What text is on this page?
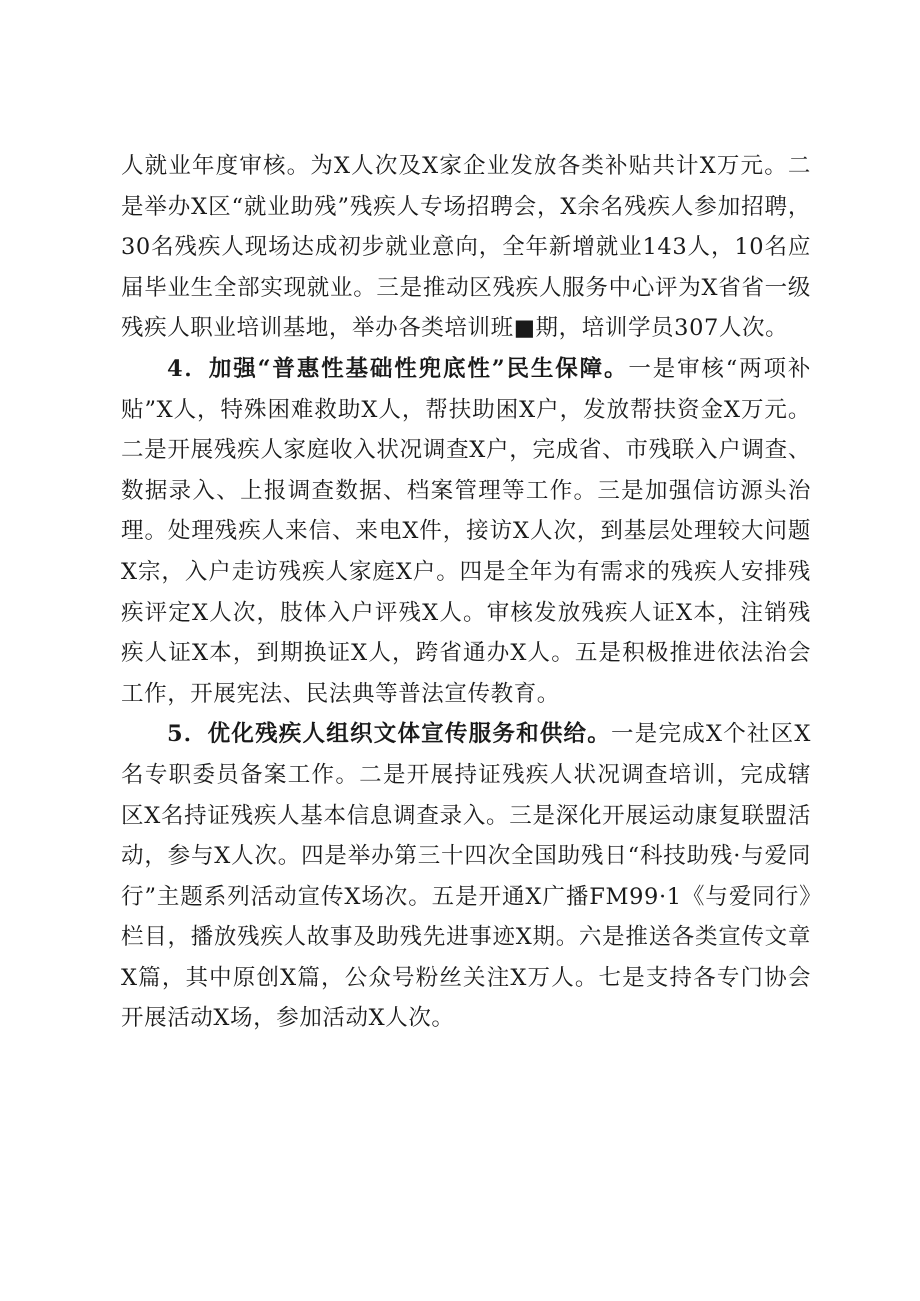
人就业年度审核。为X人次及X家企业发放各类补贴共计X万元。二是举办X区“就业助残”残疾人专场招聘会，X余名残疾人参加招聘，30名残疾人现场达成初步就业意向，全年新增就业143人，10名应届毕业生全部实现就业。三是推动区残疾人服务中心评为X省省一级残疾人职业培训基地，举办各类培训班■期，培训学员307人次。

4．加强“普惠性基础性兜底性”民生保障。一是审核“两项补贴”X人，特殊困难救助X人，帮扶助困X户，发放帮扶资金X万元。二是开展残疾人家庭收入状况调查X户，完成省、市残联入户调查、数据录入、上报调查数据、档案管理等工作。三是加强信访源头治理。处理残疾人来信、来电X件，接访X人次，到基层处理较大问题X宗，入户走访残疾人家庭X户。四是全年为有需求的残疾人安排残疾评定X人次，肢体入户评残X人。审核发放残疾人证X本，注销残疾人证X本，到期换证X人，跨省通办X人。五是积极推进依法治会工作，开展宪法、民法典等普法宣传教育。

5．优化残疾人组织文体宣传服务和供给。一是完成X个社区X名专职委员备案工作。二是开展持证残疾人状况调查培训，完成辖区X名持证残疾人基本信息调查录入。三是深化开展运动康复联盟活动，参与X人次。四是举办第三十四次全国助残日“科技助残·与爱同行”主题系列活动宣传X场次。五是开通X广播FM99·1《与爱同行》栏目，播放残疾人故事及助残先进事迹X期。六是推送各类宣传文章X篇，其中原创X篇，公众号粉丝关注X万人。七是支持各专门协会开展活动X场，参加活动X人次。
